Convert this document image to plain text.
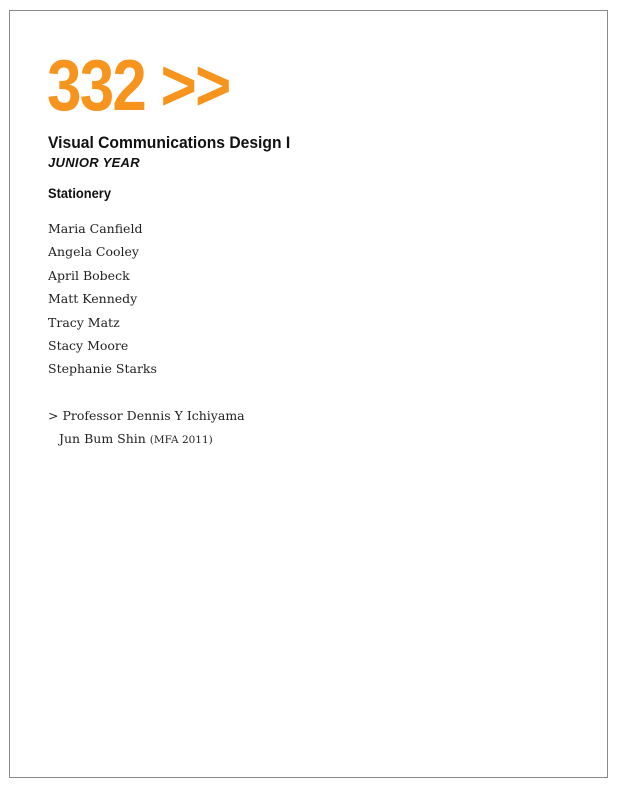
332 >>
Visual Communications Design I
JUNIOR YEAR
Stationery
Maria Canfield
Angela Cooley
April Bobeck
Matt Kennedy
Tracy Matz
Stacy Moore
Stephanie Starks
> Professor Dennis Y Ichiyama
Jun Bum Shin (MFA 2011)
